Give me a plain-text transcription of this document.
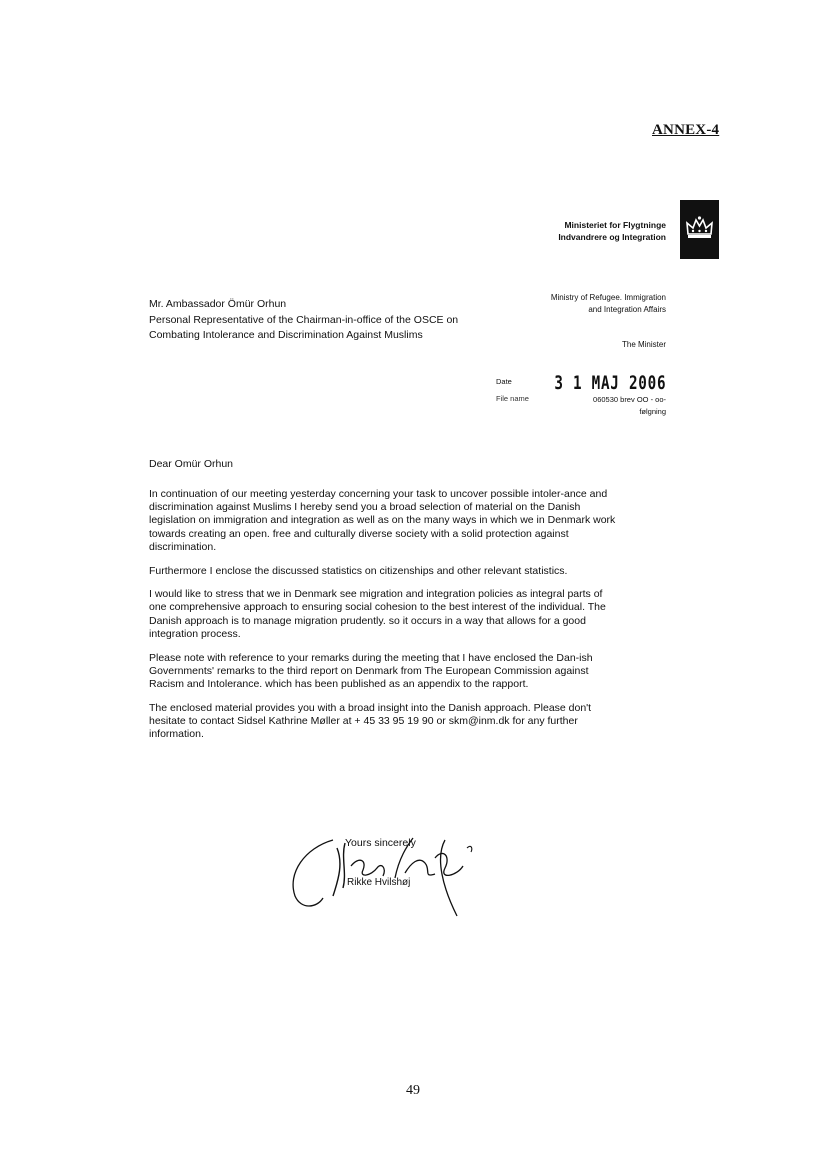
ANNEX-4
Ministeriet for Flygtninge
Indvandrere og Integration
Mr. Ambassador Ömür Orhun
Personal Representative of the Chairman-in-office of the OSCE on
Combating Intolerance and Discrimination Against Muslims
Ministry of Refugee. Immigration
and Integration Affairs
The Minister
Date 3 1 MAJ 2006
File name	060530 brev OO - oo-
følgning
Dear Omür Orhun

In continuation of our meeting yesterday concerning your task to uncover possible intoler-ance and discrimination against Muslims I hereby send you a broad selection of material on the Danish legislation on immigration and integration as well as on the many ways in which we in Denmark work towards creating an open. free and culturally diverse society with a solid protection against discrimination.

Furthermore I enclose the discussed statistics on citizenships and other relevant statistics.

I would like to stress that we in Denmark see migration and integration policies as integral parts of one comprehensive approach to ensuring social cohesion to the best interest of the individual. The Danish approach is to manage migration prudently. so it occurs in a way that allows for a good integration process.

Please note with reference to your remarks during the meeting that I have enclosed the Dan-ish Governments' remarks to the third report on Denmark from The European Commission against Racism and Intolerance. which has been published as an appendix to the rapport.

The enclosed material provides you with a broad insight into the Danish approach. Please don't hesitate to contact Sidsel Kathrine Møller at + 45 33 95 19 90 or skm@inm.dk for any further information.

Yours sincerely
Rikke Hvilshøj
49
